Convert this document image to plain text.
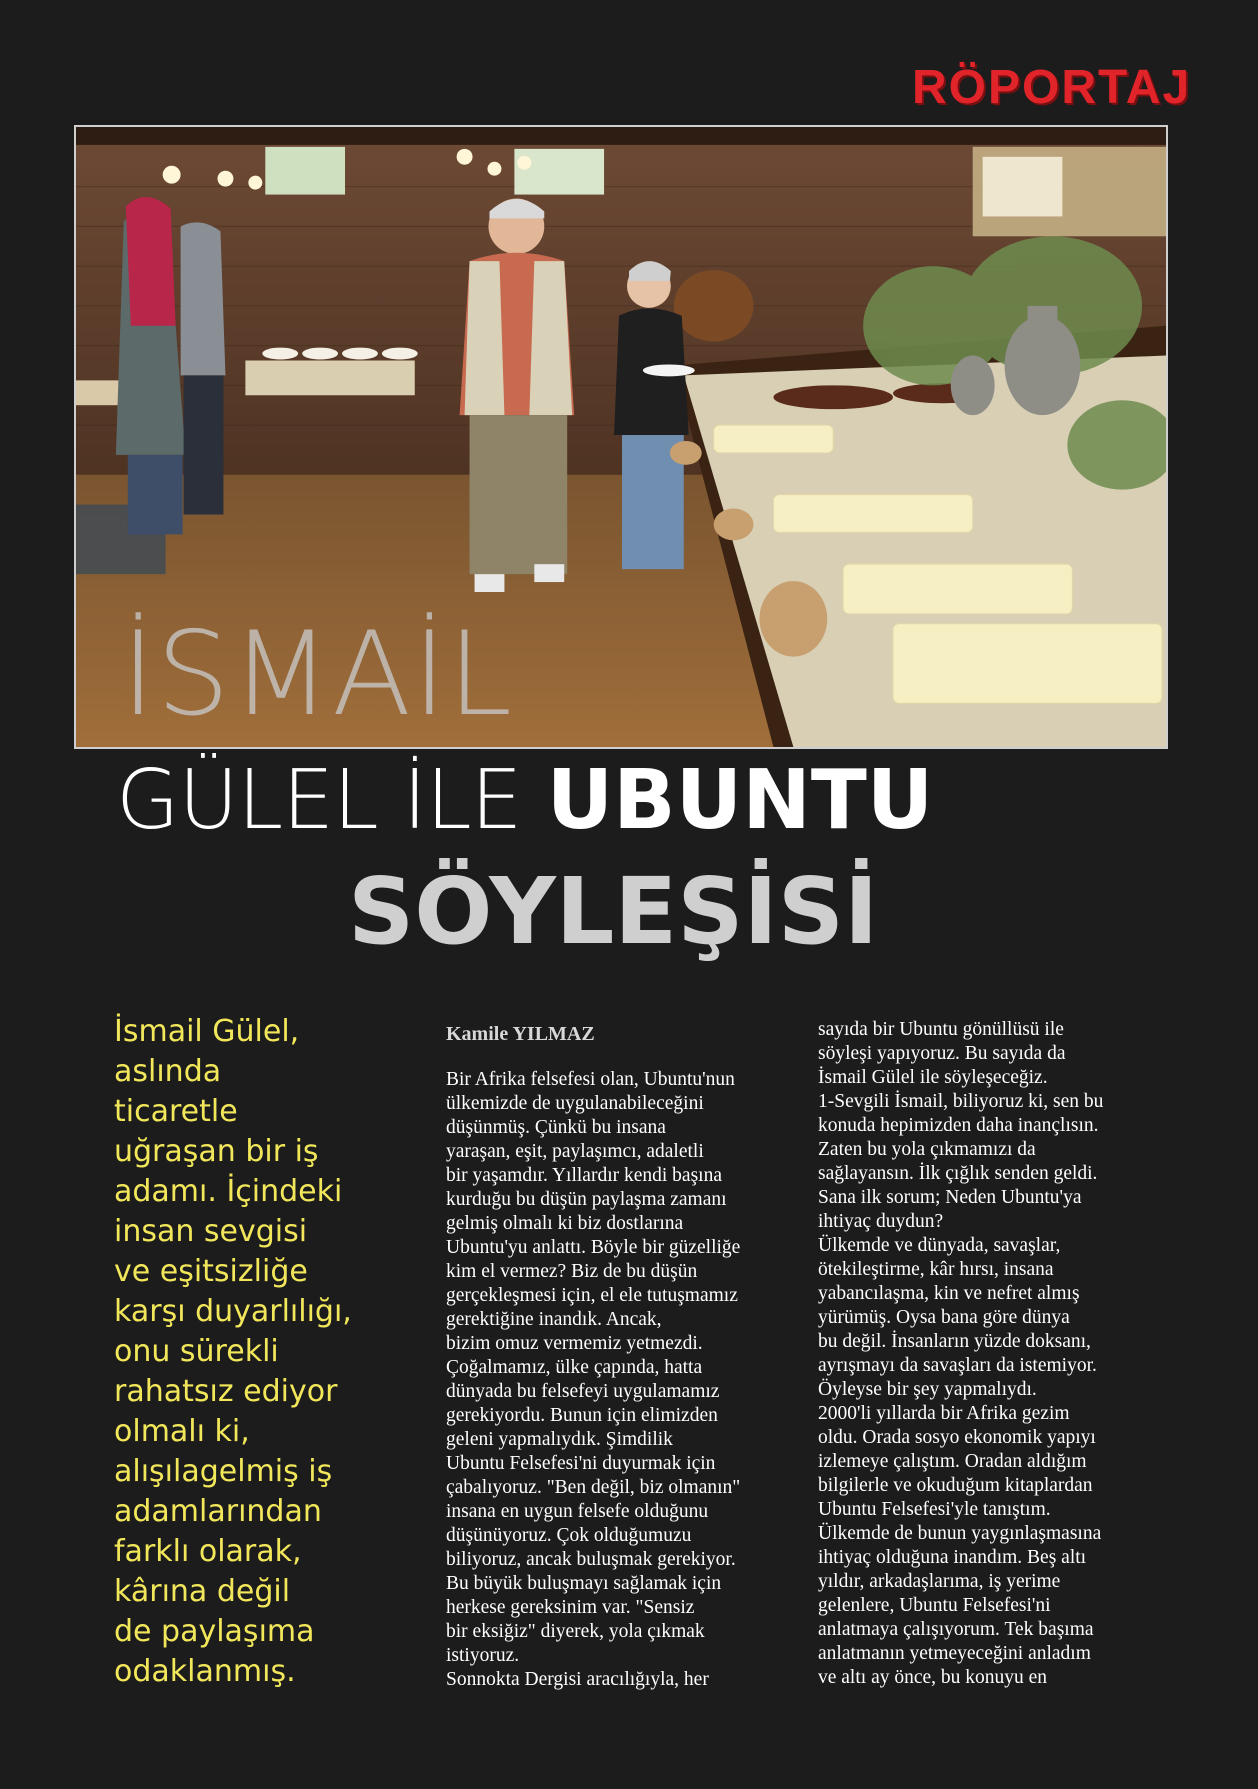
RÖPORTAJ
İSMAİL
GÜLEL İLE UBUNTU
SÖYLEŞİSİ
İsmail Gülel,
aslında
ticaretle
uğraşan bir iş
adamı. İçindeki
insan sevgisi
ve eşitsizliğe
karşı duyarlılığı,
onu sürekli
rahatsız ediyor
olmalı ki,
alışılagelmiş iş
adamlarından
farklı olarak,
kârına değil
de paylaşıma
odaklanmış.
Kamile YILMAZ
Bir Afrika felsefesi olan, Ubuntu'nun
ülkemizde de uygulanabileceğini
düşünmüş. Çünkü bu insana
yaraşan, eşit, paylaşımcı, adaletli
bir yaşamdır. Yıllardır kendi başına
kurduğu bu düşün paylaşma zamanı
gelmiş olmalı ki biz dostlarına
Ubuntu'yu anlattı. Böyle bir güzelliğe
kim el vermez? Biz de bu düşün
gerçekleşmesi için, el ele tutuşmamız
gerektiğine inandık. Ancak,
bizim omuz vermemiz yetmezdi.
Çoğalmamız, ülke çapında, hatta
dünyada bu felsefeyi uygulamamız
gerekiyordu. Bunun için elimizden
geleni yapmalıydık. Şimdilik
Ubuntu Felsefesi'ni duyurmak için
çabalıyoruz. "Ben değil, biz olmanın"
insana en uygun felsefe olduğunu
düşünüyoruz. Çok olduğumuzu
biliyoruz, ancak buluşmak gerekiyor.
Bu büyük buluşmayı sağlamak için
herkese gereksinim var. "Sensiz
bir eksiğiz" diyerek, yola çıkmak
istiyoruz.
Sonnokta Dergisi aracılığıyla, her
sayıda bir Ubuntu gönüllüsü ile
söyleşi yapıyoruz. Bu sayıda da
İsmail Gülel ile söyleşeceğiz.
1-Sevgili İsmail, biliyoruz ki, sen bu
konuda hepimizden daha inançlısın.
Zaten bu yola çıkmamızı da
sağlayansın. İlk çığlık senden geldi.
Sana ilk sorum; Neden Ubuntu'ya
ihtiyaç duydun?
Ülkemde ve dünyada, savaşlar,
ötekileştirme, kâr hırsı, insana
yabancılaşma, kin ve nefret almış
yürümüş. Oysa bana göre dünya
bu değil. İnsanların yüzde doksanı,
ayrışmayı da savaşları da istemiyor.
Öyleyse bir şey yapmalıydı.
2000'li yıllarda bir Afrika gezim
oldu. Orada sosyo ekonomik yapıyı
izlemeye çalıştım. Oradan aldığım
bilgilerle ve okuduğum kitaplardan
Ubuntu Felsefesi'yle tanıştım.
Ülkemde de bunun yaygınlaşmasına
ihtiyaç olduğuna inandım. Beş altı
yıldır, arkadaşlarıma, iş yerime
gelenlere, Ubuntu Felsefesi'ni
anlatmaya çalışıyorum. Tek başıma
anlatmanın yetmeyeceğini anladım
ve altı ay önce, bu konuyu en
